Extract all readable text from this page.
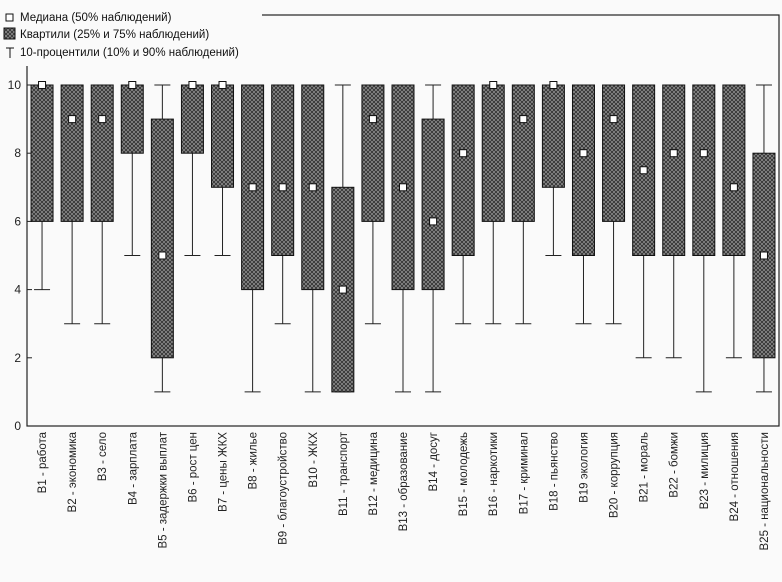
0
2
4
6
8
10
B1 - работа B2 - экономика B3 - село B4 - зарплата B5 - задержки выплат B6 - рост цен B7 - цены ЖКХ B8 - жилье B9 - благоустройство B10 - ЖКХ B11 - транспорт B12 - медицина B13 - образование B14 - досуг B15 - молодежь B16 - наркотики B17 - криминал B18 - пьянство B19 экология B20 - коррупция B21 - мораль B22 - бомжи B23 - милиция B24 - отношения B25 - национальности
Медиана (50% наблюдений)
Квартили (25% и 75% наблюдений)
10-процентили (10% и 90% наблюдений)
